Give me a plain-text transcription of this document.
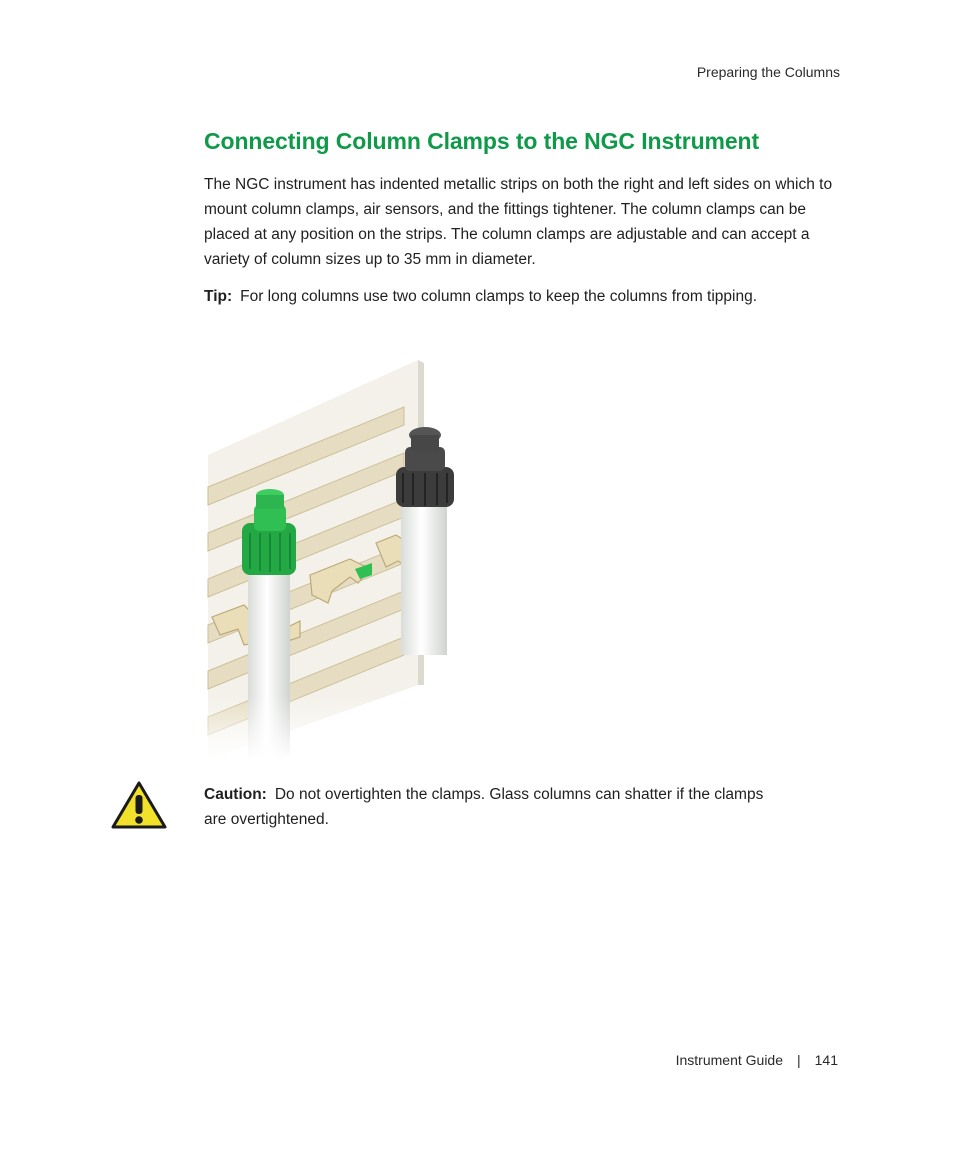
Preparing the Columns
Connecting Column Clamps to the NGC Instrument

The NGC instrument has indented metallic strips on both the right and left sides on which to mount column clamps, air sensors, and the fittings tightener. The column clamps can be placed at any position on the strips. The column clamps are adjustable and can accept a variety of column sizes up to 35 mm in diameter.

Tip: For long columns use two column clamps to keep the columns from tipping.

Caution: Do not overtighten the clamps. Glass columns can shatter if the clamps are overtightened.

Instrument Guide | 141
